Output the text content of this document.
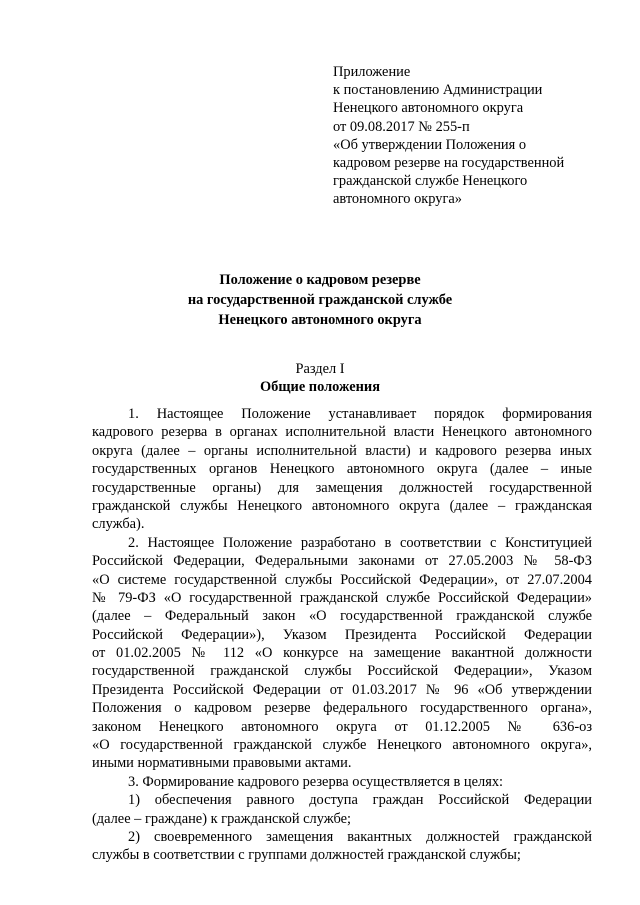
Приложение
к постановлению Администрации
Ненецкого автономного округа
от 09.08.2017 № 255-п
«Об утверждении Положения о
кадровом резерве на государственной
гражданской службе Ненецкого
автономного округа»
Положение о кадровом резерве
на государственной гражданской службе
Ненецкого автономного округа
Раздел I
Общие положения
1. Настоящее Положение устанавливает порядок формирования
кадрового резерва в органах исполнительной власти Ненецкого автономного
округа (далее – органы исполнительной власти) и кадрового резерва иных
государственных органов Ненецкого автономного округа (далее – иные
государственные органы) для замещения должностей государственной
гражданской службы Ненецкого автономного округа (далее – гражданская
служба).
2. Настоящее Положение разработано в соответствии с Конституцией
Российской Федерации, Федеральными законами от 27.05.2003 № 58-ФЗ
«О системе государственной службы Российской Федерации», от 27.07.2004
№ 79-ФЗ «О государственной гражданской службе Российской Федерации»
(далее – Федеральный закон «О государственной гражданской службе
Российской Федерации»), Указом Президента Российской Федерации
от 01.02.2005 № 112 «О конкурсе на замещение вакантной должности
государственной гражданской службы Российской Федерации», Указом
Президента Российской Федерации от 01.03.2017 № 96 «Об утверждении
Положения о кадровом резерве федерального государственного органа»,
законом Ненецкого автономного округа от 01.12.2005 № 636-оз
«О государственной гражданской службе Ненецкого автономного округа»,
иными нормативными правовыми актами.
3. Формирование кадрового резерва осуществляется в целях:
1) обеспечения равного доступа граждан Российской Федерации
(далее – граждане) к гражданской службе;
2) своевременного замещения вакантных должностей гражданской
службы в соответствии с группами должностей гражданской службы;
